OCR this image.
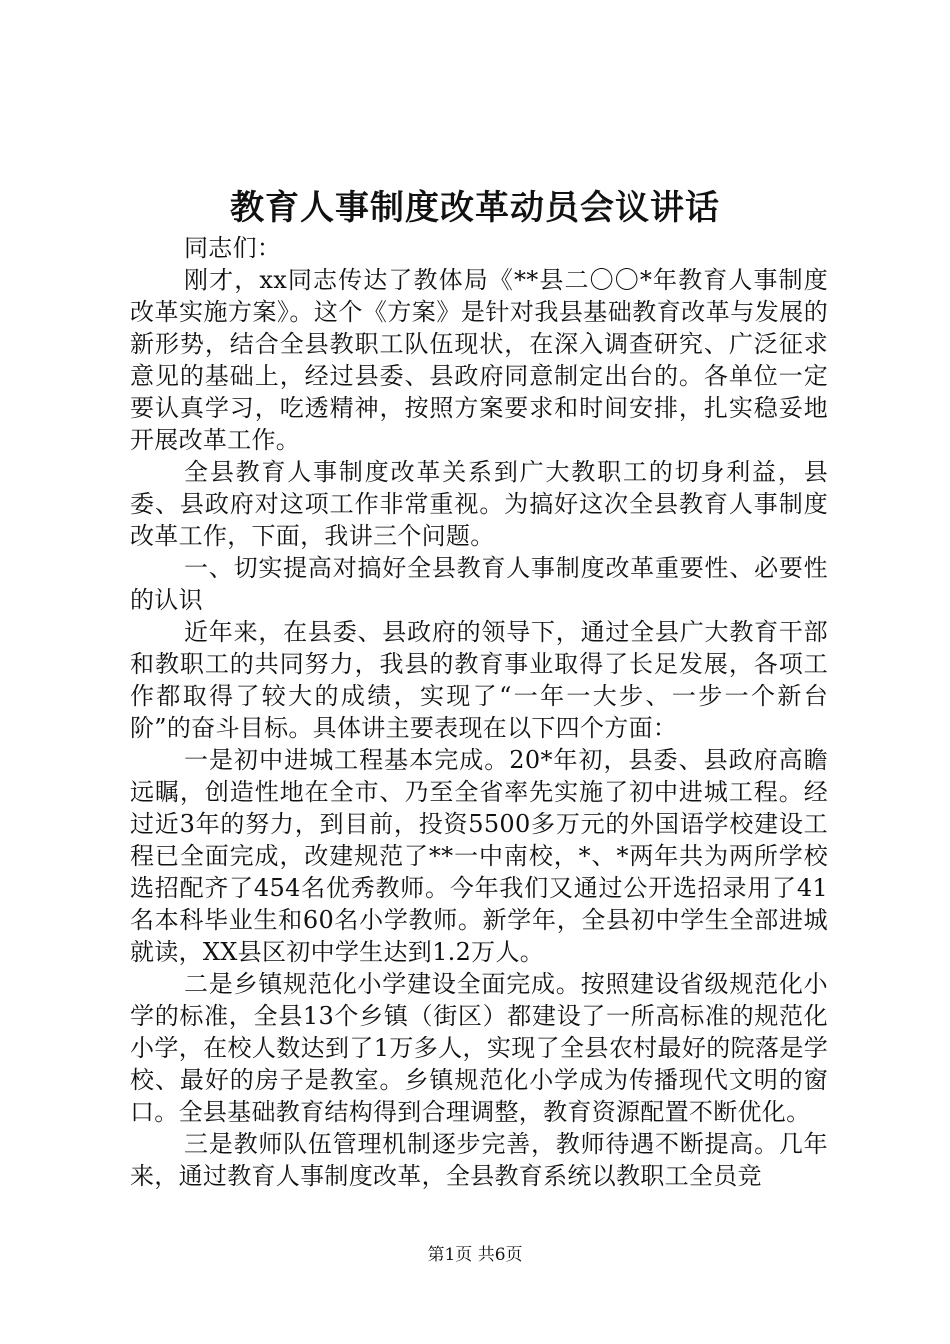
教育人事制度改革动员会议讲话

同志们：

刚才，xx同志传达了教体局《**县二〇〇*年教育人事制度改革实施方案》。这个《方案》是针对我县基础教育改革与发展的新形势，结合全县教职工队伍现状，在深入调查研究、广泛征求意见的基础上，经过县委、县政府同意制定出台的。各单位一定要认真学习，吃透精神，按照方案要求和时间安排，扎实稳妥地开展改革工作。

全县教育人事制度改革关系到广大教职工的切身利益，县委、县政府对这项工作非常重视。为搞好这次全县教育人事制度改革工作，下面，我讲三个问题。

一、切实提高对搞好全县教育人事制度改革重要性、必要性的认识

近年来，在县委、县政府的领导下，通过全县广大教育干部和教职工的共同努力，我县的教育事业取得了长足发展，各项工作都取得了较大的成绩，实现了“一年一大步、一步一个新台阶”的奋斗目标。具体讲主要表现在以下四个方面：

一是初中进城工程基本完成。20*年初，县委、县政府高瞻远瞩，创造性地在全市、乃至全省率先实施了初中进城工程。经过近3年的努力，到目前，投资5500多万元的外国语学校建设工程已全面完成，改建规范了**一中南校，*、*两年共为两所学校选招配齐了454名优秀教师。今年我们又通过公开选招录用了41名本科毕业生和60名小学教师。新学年，全县初中学生全部进城就读，XX县区初中学生达到1.2万人。

二是乡镇规范化小学建设全面完成。按照建设省级规范化小学的标准，全县13个乡镇（街区）都建设了一所高标准的规范化小学，在校人数达到了1万多人，实现了全县农村最好的院落是学校、最好的房子是教室。乡镇规范化小学成为传播现代文明的窗口。全县基础教育结构得到合理调整，教育资源配置不断优化。

三是教师队伍管理机制逐步完善，教师待遇不断提高。几年来，通过教育人事制度改革，全县教育系统以教职工全员竞

第1页 共6页
